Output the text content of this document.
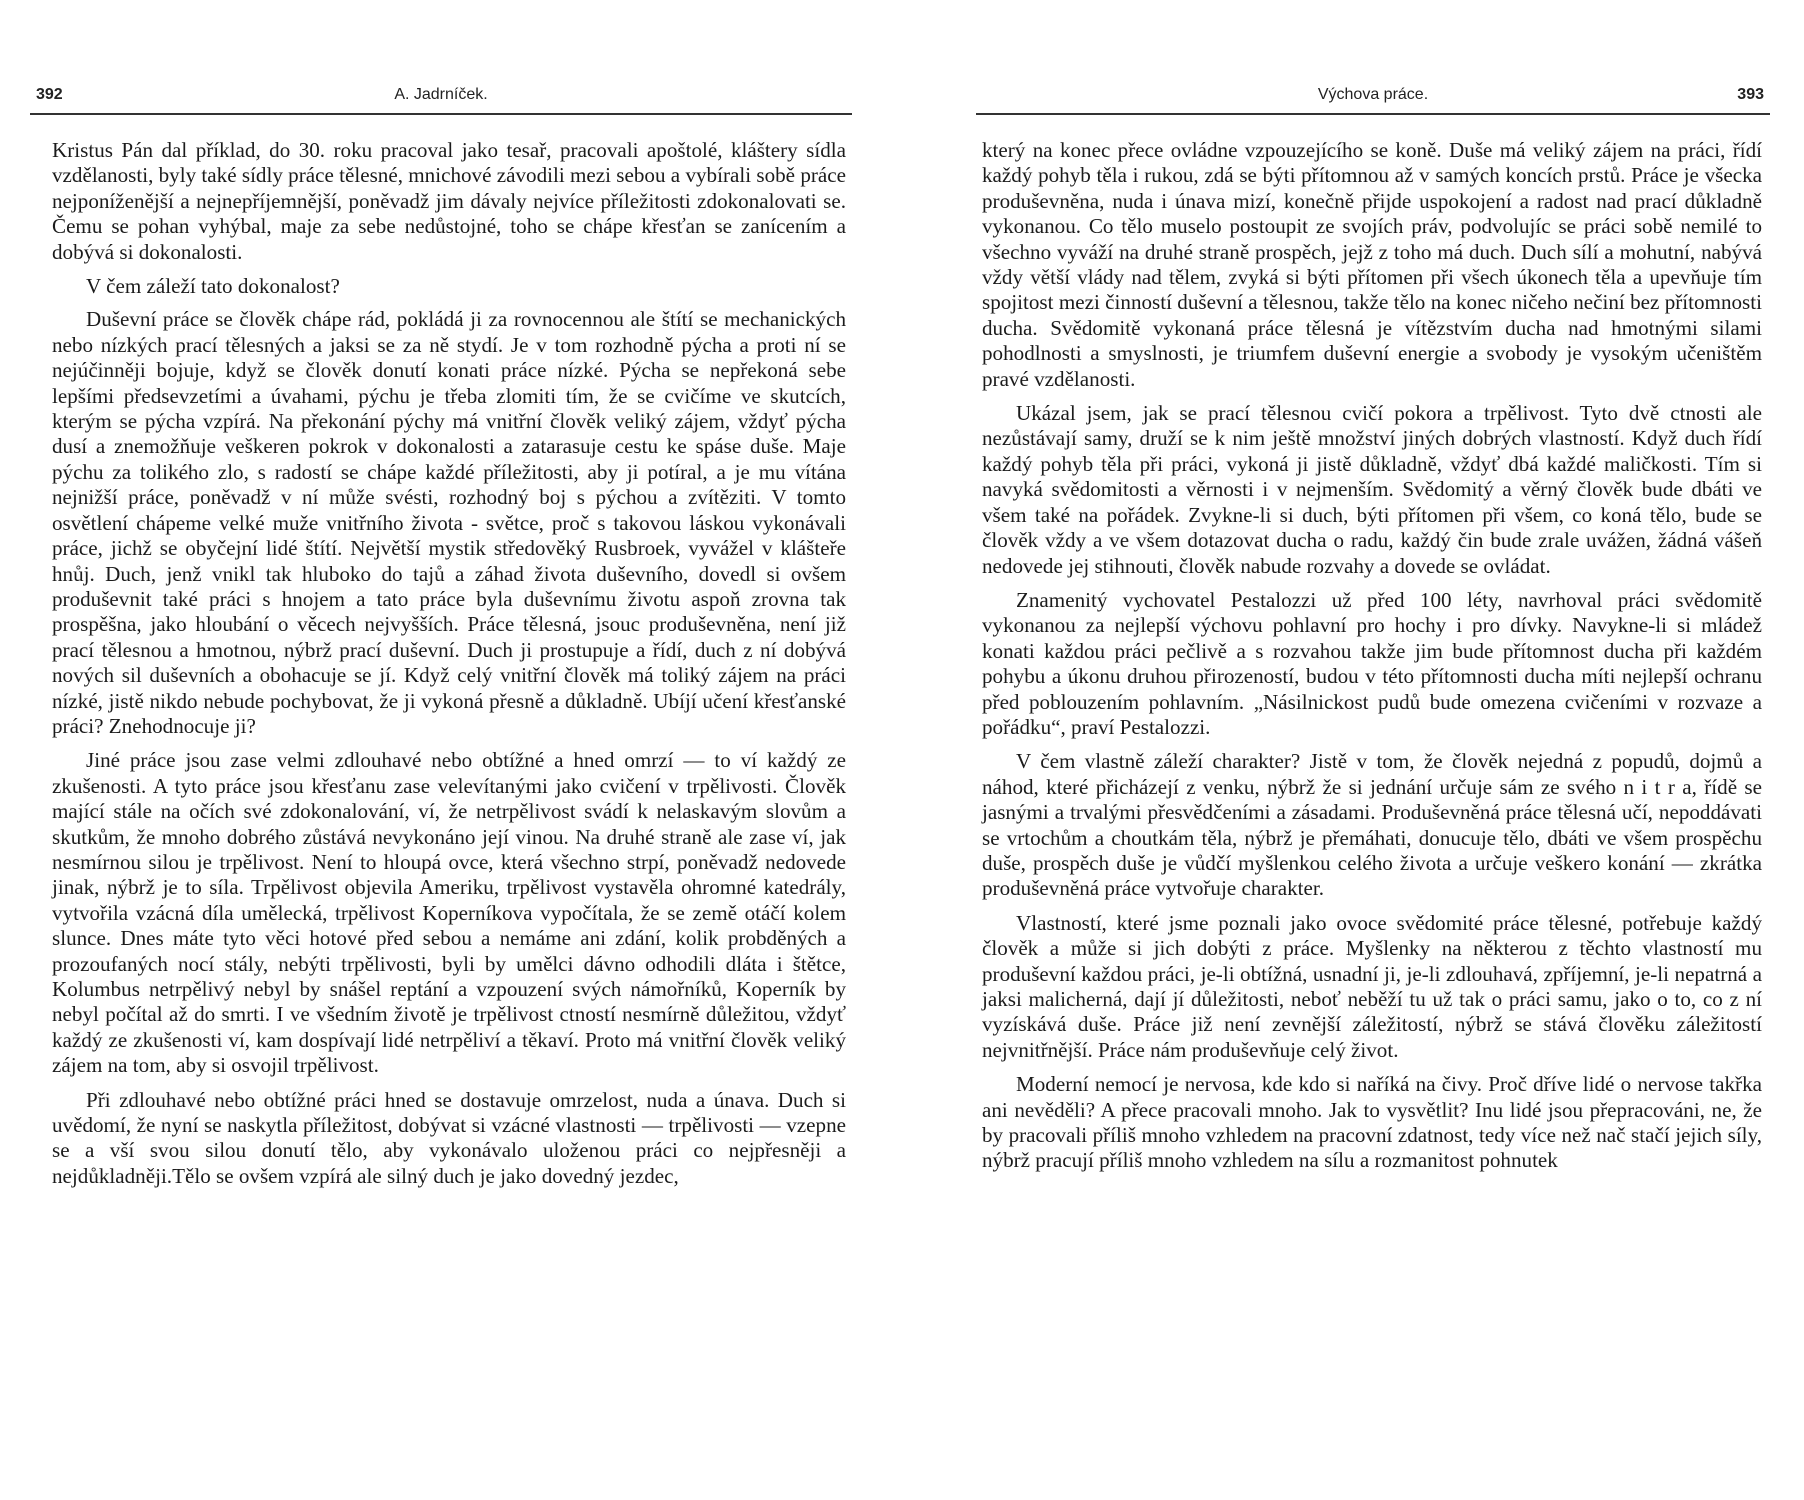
392	A. Jadrníček.

Kristus Pán dal příklad, do 30. roku pracoval jako tesař, pracovali apoštolé, kláštery sídla vzdělanosti, byly také sídly práce tělesné, mnichové závodili mezi sebou a vybírali sobě práce nejponíženější a nejnepříjemnější, poněvadž jim dávaly nejvíce příležitosti zdokonalovati se. Čemu se pohan vyhýbal, maje za sebe nedůstojné, toho se chápe křesťan se zanícením a dobývá si dokonalosti.

V čem záleží tato dokonalost?

Duševní práce se člověk chápe rád, pokládá ji za rovnocennou ale štítí se mechanických nebo nízkých prací tělesných a jaksi se za ně stydí. Je v tom rozhodně pýcha a proti ní se nejúčinněji bojuje, když se člověk donutí konati práce nízké. Pýcha se nepřekoná sebe lepšími předsevzetími a úvahami, pýchu je třeba zlomiti tím, že se cvičíme ve skutcích, kterým se pýcha vzpírá. Na překonání pýchy má vnitřní člověk veliký zájem, vždyť pýcha dusí a znemožňuje veškeren pokrok v dokonalosti a zatarasuje cestu ke spáse duše. Maje pýchu za tolikého zlo, s radostí se chápe každé příležitosti, aby ji potíral, a je mu vítána nejnižší práce, poněvadž v ní může svésti, rozhodný boj s pýchou a zvítěziti. V tomto osvětlení chápeme velké muže vnitřního života - světce, proč s takovou láskou vykonávali práce, jichž se obyčejní lidé štítí. Největší mystik středověký Rusbroek, vyvážel v klášteře hnůj. Duch, jenž vnikl tak hluboko do tajů a záhad života duševního, dovedl si ovšem produševnit také práci s hnojem a tato práce byla duševnímu životu aspoň zrovna tak prospěšna, jako hloubání o věcech nejvyšších. Práce tělesná, jsouc produševněna, není již prací tělesnou a hmotnou, nýbrž prací duševní. Duch ji prostupuje a řídí, duch z ní dobývá nových sil duševních a obohacuje se jí. Když celý vnitřní člověk má toliký zájem na práci nízké, jistě nikdo nebude pochybovat, že ji vykoná přesně a důkladně. Ubíjí učení křesťanské práci? Znehodnocuje ji?

Jiné práce jsou zase velmi zdlouhavé nebo obtížné a hned omrzí — to ví každý ze zkušenosti. A tyto práce jsou křesťanu zase velevítanými jako cvičení v trpělivosti. Člověk mající stále na očích své zdokonalování, ví, že netrpělivost svádí k nelaskavým slovům a skutkům, že mnoho dobrého zůstává nevykonáno její vinou. Na druhé straně ale zase ví, jak nesmírnou silou je trpělivost. Není to hloupá ovce, která všechno strpí, poněvadž nedovede jinak, nýbrž je to síla. Trpělivost objevila Ameriku, trpělivost vystavěla ohromné katedrály, vytvořila vzácná díla umělecká, trpělivost Koperníkova vypočítala, že se země otáčí kolem slunce. Dnes máte tyto věci hotové před sebou a nemáme ani zdání, kolik probděných a prozoufaných nocí stály, nebýti trpělivosti, byli by umělci dávno odhodili dláta i štětce, Kolumbus netrpělivý nebyl by snášel reptání a vzpouzení svých námořníků, Koperník by nebyl počítal až do smrti. I ve všedním životě je trpělivost ctností nesmírně důležitou, vždyť každý ze zkušenosti ví, kam dospívají lidé netrpěliví a těkaví. Proto má vnitřní člověk veliký zájem na tom, aby si osvojil trpělivost.

Při zdlouhavé nebo obtížné práci hned se dostavuje omrzelost, nuda a únava. Duch si uvědomí, že nyní se naskytla příležitost, dobývat si vzácné vlastnosti — trpělivosti — vzepne se a vší svou silou donutí tělo, aby vykonávalo uloženou práci co nejpřesněji a nejdůkladněji.Tělo se ovšem vzpírá ale silný duch je jako dovedný jezdec,

Výchova práce.	393

který na konec přece ovládne vzpouzejícího se koně. Duše má veliký zájem na práci, řídí každý pohyb těla i rukou, zdá se býti přítomnou až v samých koncích prstů. Práce je všecka produševněna, nuda i únava mizí, konečně přijde uspokojení a radost nad prací důkladně vykonanou. Co tělo muselo postoupit ze svojích práv, podvolujíc se práci sobě nemilé to všechno vyváží na druhé straně prospěch, jejž z toho má duch. Duch sílí a mohutní, nabývá vždy větší vlády nad tělem, zvyká si býti přítomen při všech úkonech těla a upevňuje tím spojitost mezi činností duševní a tělesnou, takže tělo na konec ničeho nečiní bez přítomnosti ducha. Svědomitě vykonaná práce tělesná je vítězstvím ducha nad hmotnými silami pohodlnosti a smyslnosti, je triumfem duševní energie a svobody je vysokým učeništěm pravé vzdělanosti.

Ukázal jsem, jak se prací tělesnou cvičí pokora a trpělivost. Tyto dvě ctnosti ale nezůstávají samy, druží se k nim ještě množství jiných dobrých vlastností. Když duch řídí každý pohyb těla při práci, vykoná ji jistě důkladně, vždyť dbá každé maličkosti. Tím si navyká svědomitosti a věrnosti i v nejmenším. Svědomitý a věrný člověk bude dbáti ve všem také na pořádek. Zvykne-li si duch, býti přítomen při všem, co koná tělo, bude se člověk vždy a ve všem dotazovat ducha o radu, každý čin bude zrale uvážen, žádná vášeň nedovede jej stihnouti, člověk nabude rozvahy a dovede se ovládat.

Znamenitý vychovatel Pestalozzi už před 100 léty, navrhoval práci svědomitě vykonanou za nejlepší výchovu pohlavní pro hochy i pro dívky. Navykne-li si mládež konati každou práci pečlivě a s rozvahou takže jim bude přítomnost ducha při každém pohybu a úkonu druhou přirozeností, budou v této přítomnosti ducha míti nejlepší ochranu před poblouzením pohlavním. „Násilnickost pudů bude omezena cvičeními v rozvaze a pořádku“, praví Pestalozzi.

V čem vlastně záleží charakter? Jistě v tom, že člověk nejedná z popudů, dojmů a náhod, které přicházejí z venku, nýbrž že si jednání určuje sám ze svého n i t r a, řídě se jasnými a trvalými přesvědčeními a zásadami. Produševněná práce tělesná učí, nepoddávati se vrtochům a choutkám těla, nýbrž je přemáhati, donucuje tělo, dbáti ve všem prospěchu duše, prospěch duše je vůdčí myšlenkou celého života a určuje veškero konání — zkrátka produševněná práce vytvořuje charakter.

Vlastností, které jsme poznali jako ovoce svědomité práce tělesné, potřebuje každý člověk a může si jich dobýti z práce. Myšlenky na některou z těchto vlastností mu produševní každou práci, je-li obtížná, usnadní ji, je-li zdlouhavá, zpříjemní, je-li nepatrná a jaksi malicherná, dají jí důležitosti, neboť neběží tu už tak o práci samu, jako o to, co z ní vyzískává duše. Práce již není zevnější záležitostí, nýbrž se stává člověku záležitostí nejvnitřnější. Práce nám produševňuje celý život.

Moderní nemocí je nervosa, kde kdo si naříká na čivy. Proč dříve lidé o nervose takřka ani nevěděli? A přece pracovali mnoho. Jak to vysvětlit? Inu lidé jsou přepracováni, ne, že by pracovali příliš mnoho vzhledem na pracovní zdatnost, tedy více než nač stačí jejich síly, nýbrž pracují příliš mnoho vzhledem na sílu a rozmanitost pohnutek
